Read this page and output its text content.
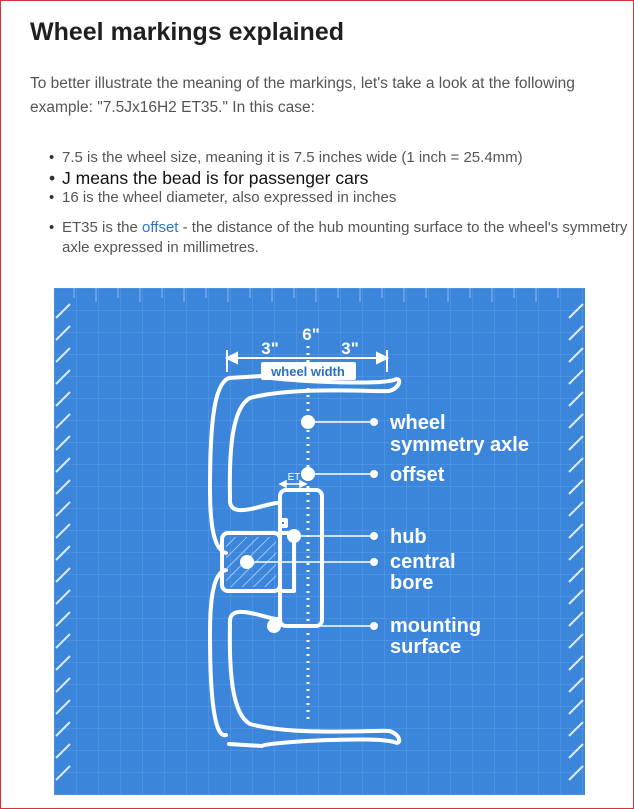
Wheel markings explained

To better illustrate the meaning of the markings, let's take a look at the following example: "7.5Jx16H2 ET35." In this case:

• 7.5 is the wheel size, meaning it is 7.5 inches wide (1 inch = 25.4mm)
• J means the bead is for passenger cars
• 16 is the wheel diameter, also expressed in inches
• ET35 is the offset - the distance of the hub mounting surface to the wheel's symmetry axle expressed in millimetres.
wheel width
3"
6"
3"
ET
wheel
symmetry axle
offset
hub
central
bore
mounting
surface
